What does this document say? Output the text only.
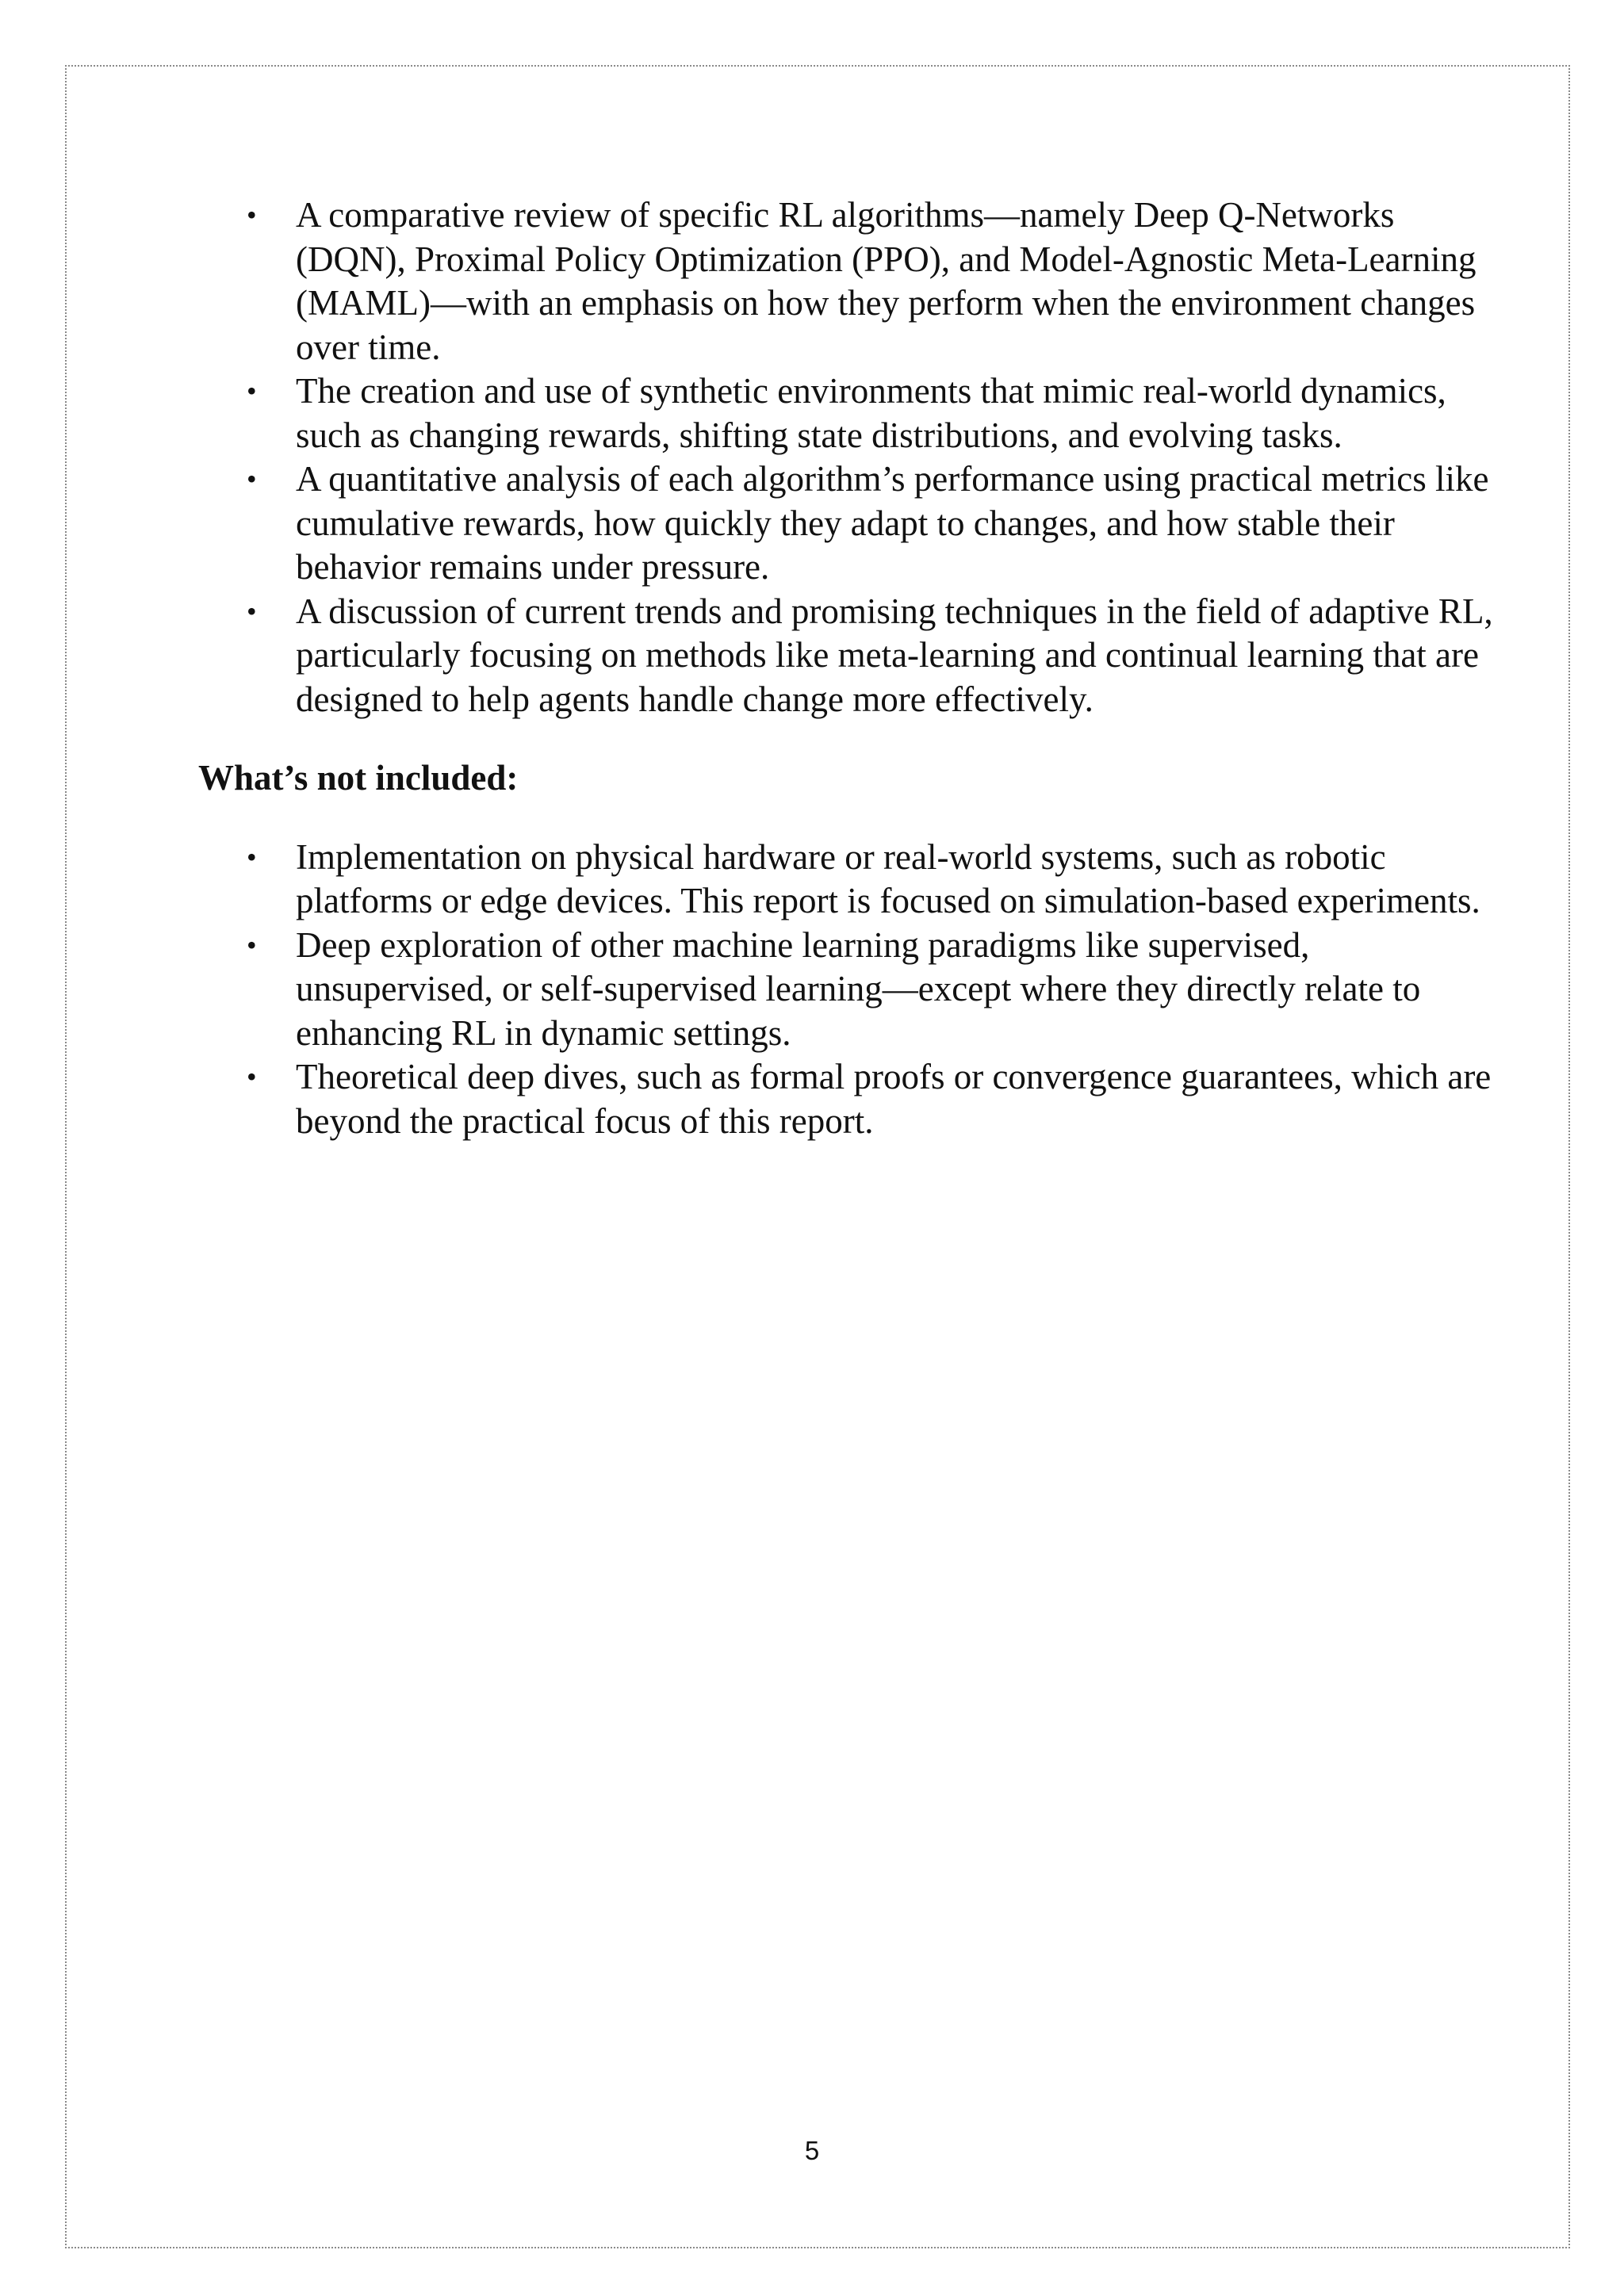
• A comparative review of specific RL algorithms—namely Deep Q-Networks (DQN), Proximal Policy Optimization (PPO), and Model-Agnostic Meta-Learning (MAML)—with an emphasis on how they perform when the environment changes over time.
• The creation and use of synthetic environments that mimic real-world dynamics, such as changing rewards, shifting state distributions, and evolving tasks.
• A quantitative analysis of each algorithm’s performance using practical metrics like cumulative rewards, how quickly they adapt to changes, and how stable their behavior remains under pressure.
• A discussion of current trends and promising techniques in the field of adaptive RL, particularly focusing on methods like meta-learning and continual learning that are designed to help agents handle change more effectively.
What’s not included:
• Implementation on physical hardware or real-world systems, such as robotic platforms or edge devices. This report is focused on simulation-based experiments.
• Deep exploration of other machine learning paradigms like supervised, unsupervised, or self-supervised learning—except where they directly relate to enhancing RL in dynamic settings.
• Theoretical deep dives, such as formal proofs or convergence guarantees, which are beyond the practical focus of this report.
5
